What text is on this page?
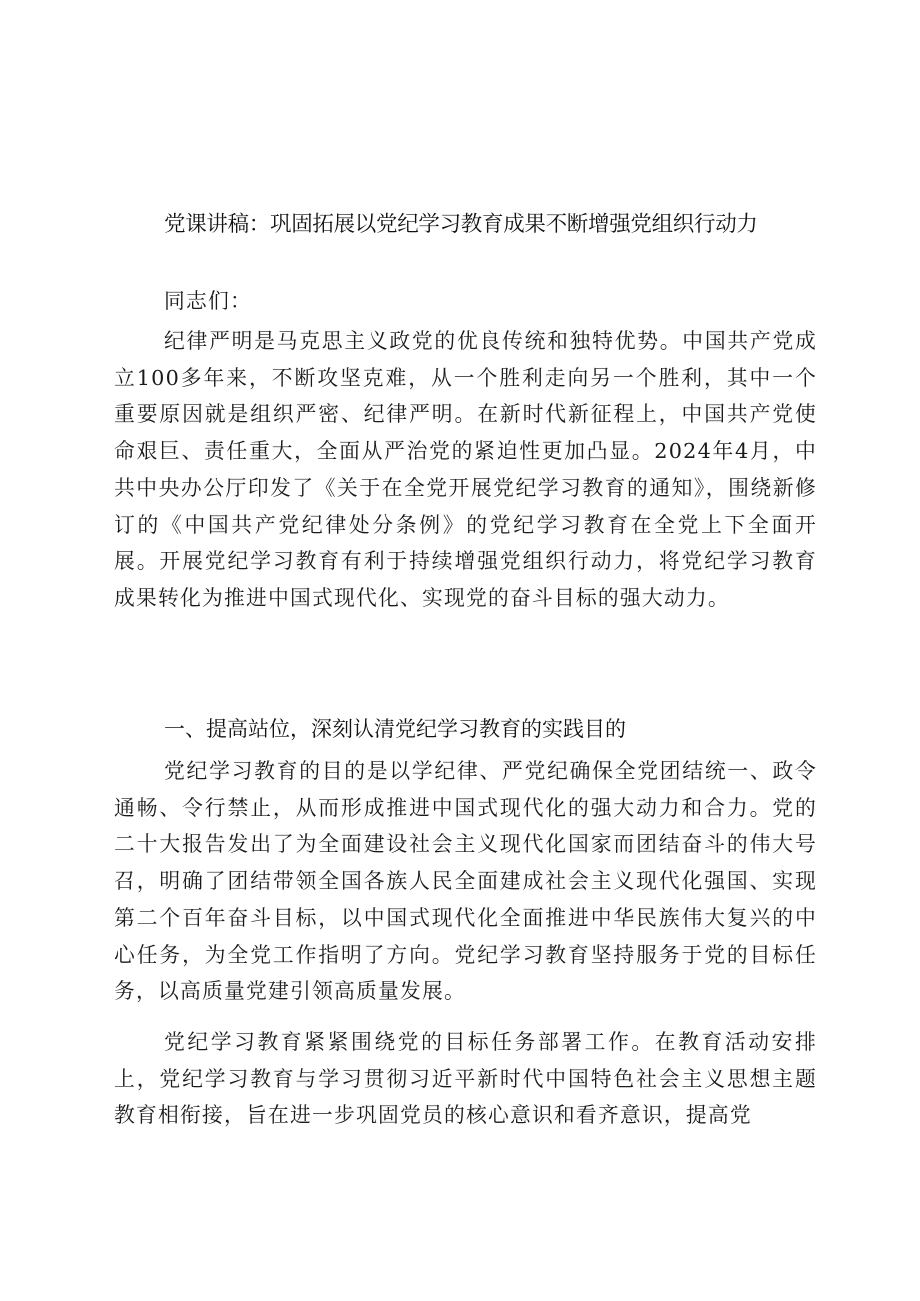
党课讲稿：巩固拓展以党纪学习教育成果不断增强党组织行动力
同志们：

纪律严明是马克思主义政党的优良传统和独特优势。中国共产党成立100多年来，不断攻坚克难，从一个胜利走向另一个胜利，其中一个重要原因就是组织严密、纪律严明。在新时代新征程上，中国共产党使命艰巨、责任重大，全面从严治党的紧迫性更加凸显。2024年4月，中共中央办公厅印发了《关于在全党开展党纪学习教育的通知》，围绕新修订的《中国共产党纪律处分条例》的党纪学习教育在全党上下全面开展。开展党纪学习教育有利于持续增强党组织行动力，将党纪学习教育成果转化为推进中国式现代化、实现党的奋斗目标的强大动力。

一、提高站位，深刻认清党纪学习教育的实践目的

党纪学习教育的目的是以学纪律、严党纪确保全党团结统一、政令通畅、令行禁止，从而形成推进中国式现代化的强大动力和合力。党的二十大报告发出了为全面建设社会主义现代化国家而团结奋斗的伟大号召，明确了团结带领全国各族人民全面建成社会主义现代化强国、实现第二个百年奋斗目标，以中国式现代化全面推进中华民族伟大复兴的中心任务，为全党工作指明了方向。党纪学习教育坚持服务于党的目标任务，以高质量党建引领高质量发展。

党纪学习教育紧紧围绕党的目标任务部署工作。在教育活动安排上，党纪学习教育与学习贯彻习近平新时代中国特色社会主义思想主题教育相衔接，旨在进一步巩固党员的核心意识和看齐意识，提高党
